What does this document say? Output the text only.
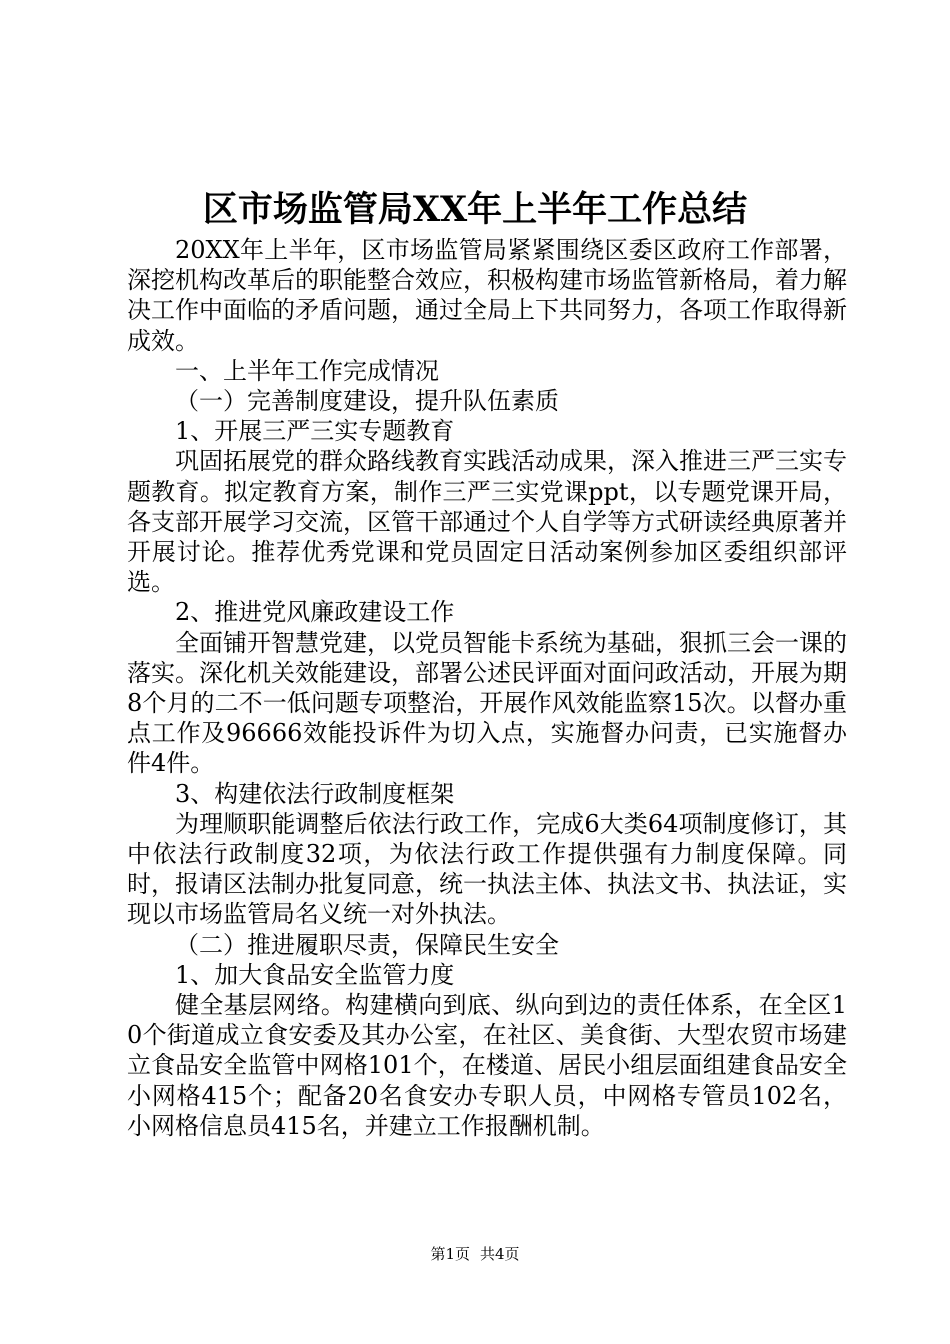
区市场监管局XX年上半年工作总结

20XX年上半年，区市场监管局紧紧围绕区委区政府工作部署，深挖机构改革后的职能整合效应，积极构建市场监管新格局，着力解决工作中面临的矛盾问题，通过全局上下共同努力，各项工作取得新成效。

一、上半年工作完成情况

（一）完善制度建设，提升队伍素质

1、开展三严三实专题教育

巩固拓展党的群众路线教育实践活动成果，深入推进三严三实专题教育。拟定教育方案，制作三严三实党课ppt，以专题党课开局，各支部开展学习交流，区管干部通过个人自学等方式研读经典原著并开展讨论。推荐优秀党课和党员固定日活动案例参加区委组织部评选。

2、推进党风廉政建设工作

全面铺开智慧党建，以党员智能卡系统为基础，狠抓三会一课的落实。深化机关效能建设，部署公述民评面对面问政活动，开展为期8个月的二不一低问题专项整治，开展作风效能监察15次。以督办重点工作及96666效能投诉件为切入点，实施督办问责，已实施督办件4件。

3、构建依法行政制度框架

为理顺职能调整后依法行政工作，完成6大类64项制度修订，其中依法行政制度32项，为依法行政工作提供强有力制度保障。同时，报请区法制办批复同意，统一执法主体、执法文书、执法证，实现以市场监管局名义统一对外执法。

（二）推进履职尽责，保障民生安全

1、加大食品安全监管力度

健全基层网络。构建横向到底、纵向到边的责任体系，在全区10个街道成立食安委及其办公室，在社区、美食街、大型农贸市场建立食品安全监管中网格101个，在楼道、居民小组层面组建食品安全小网格415个；配备20名食安办专职人员，中网格专管员102名，小网格信息员415名，并建立工作报酬机制。

第1页 共4页
